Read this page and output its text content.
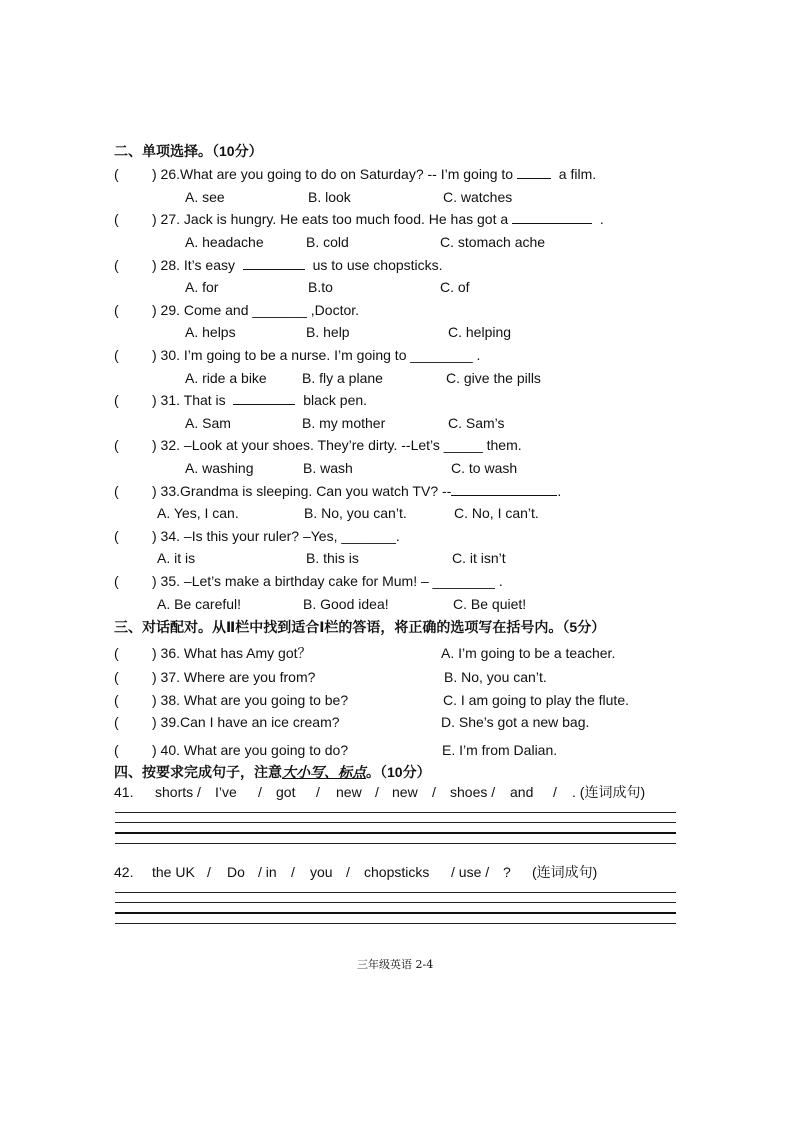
二、单项选择。（10分）
( ) 26.What are you going to do on Saturday? -- I’m going to	a film.
A. see	B. look	C. watches
( ) 27. Jack is hungry. He eats too much food. He has got a	.
A. headache	B. cold	C. stomach ache
( ) 28. It’s easy	us to use chopsticks.
A. for	B.to	C. of
( ) 29. Come and _______ ,Doctor.
A. helps	B. help	C. helping
( ) 30. I’m going to be a nurse. I’m going to ________ .
A. ride a bike	B. fly a plane	C. give the pills
( ) 31. That is	black pen.
A. Sam	B. my mother	C. Sam’s
( ) 32. –Look at your shoes. They’re dirty. --Let’s _____ them.
A. washing	B. wash	C. to wash
( ) 33.Grandma is sleeping. Can you watch TV? --	.
A. Yes, I can.	B. No, you can’t.	C. No, I can’t.
( ) 34. –Is this your ruler? –Yes, _______.
A. it is	B. this is	C. it isn’t
( ) 35. –Let’s make a birthday cake for Mum! – ________ .
A. Be careful!	B. Good idea!	C. Be quiet!
三、对话配对。从Ⅱ栏中找到适合Ⅰ栏的答语，将正确的选项写在括号内。（5分）
( ) 36. What has Amy got？	A. I’m going to be a teacher.
( ) 37. Where are you from?	B. No, you can’t.
( ) 38. What are you going to be?	C. I am going to play the flute.
( ) 39.Can I have an ice cream?	D. She’s got a new bag.
( ) 40. What are you going to do?	E. I’m from Dalian.
四、按要求完成句子，注意大小写、标点。（10分）
41. shorts / I’ve / got / new / new / shoes / and / . (连词成句)
42. the UK / Do / in / you / chopsticks / use / ? (连词成句)
三年级英语 2-4
